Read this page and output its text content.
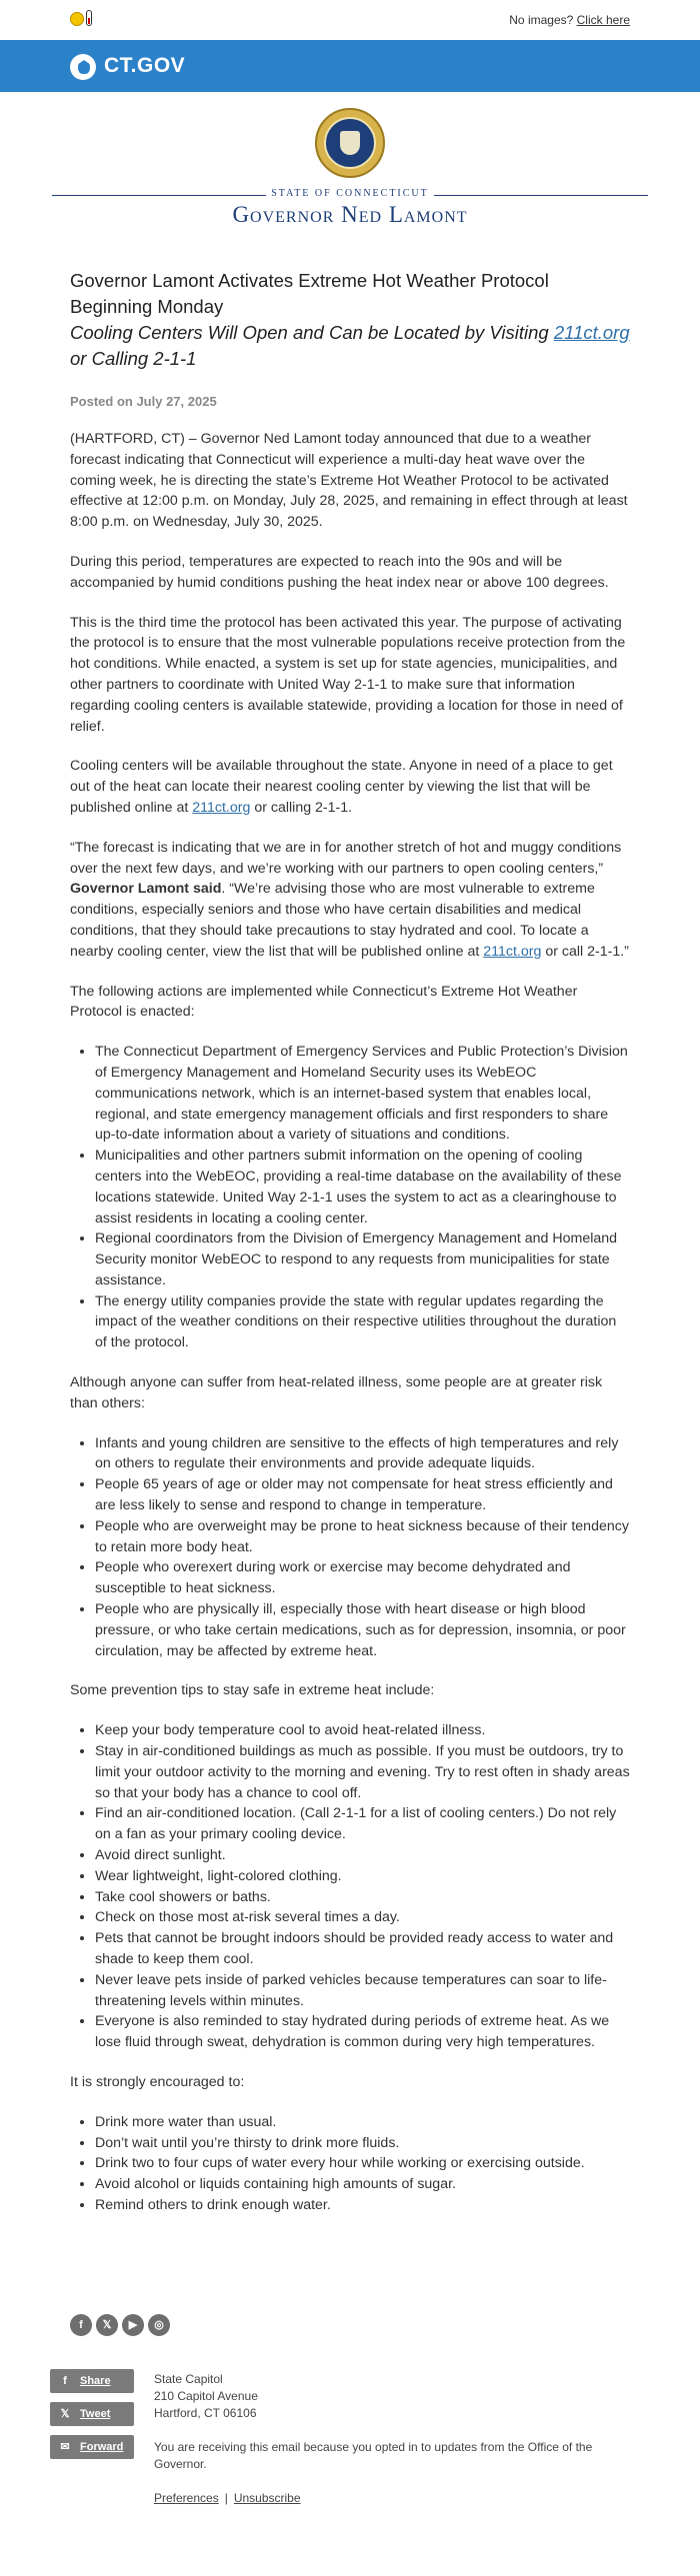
No images? Click here
CT.GOV
STATE OF CONNECTICUT
Governor Ned Lamont
Governor Lamont Activates Extreme Hot Weather Protocol Beginning Monday
Cooling Centers Will Open and Can be Located by Visiting 211ct.org or Calling 2-1-1
Posted on July 27, 2025

(HARTFORD, CT) – Governor Ned Lamont today announced that due to a weather forecast indicating that Connecticut will experience a multi-day heat wave over the coming week, he is directing the state’s Extreme Hot Weather Protocol to be activated effective at 12:00 p.m. on Monday, July 28, 2025, and remaining in effect through at least 8:00 p.m. on Wednesday, July 30, 2025.

During this period, temperatures are expected to reach into the 90s and will be accompanied by humid conditions pushing the heat index near or above 100 degrees.

This is the third time the protocol has been activated this year. The purpose of activating the protocol is to ensure that the most vulnerable populations receive protection from the hot conditions. While enacted, a system is set up for state agencies, municipalities, and other partners to coordinate with United Way 2-1-1 to make sure that information regarding cooling centers is available statewide, providing a location for those in need of relief.

Cooling centers will be available throughout the state. Anyone in need of a place to get out of the heat can locate their nearest cooling center by viewing the list that will be published online at 211ct.org or calling 2-1-1.

“The forecast is indicating that we are in for another stretch of hot and muggy conditions over the next few days, and we’re working with our partners to open cooling centers,” Governor Lamont said. “We’re advising those who are most vulnerable to extreme conditions, especially seniors and those who have certain disabilities and medical conditions, that they should take precautions to stay hydrated and cool. To locate a nearby cooling center, view the list that will be published online at 211ct.org or call 2-1-1.”

The following actions are implemented while Connecticut’s Extreme Hot Weather Protocol is enacted:

• The Connecticut Department of Emergency Services and Public Protection’s Division of Emergency Management and Homeland Security uses its WebEOC communications network, which is an internet-based system that enables local, regional, and state emergency management officials and first responders to share up-to-date information about a variety of situations and conditions.
• Municipalities and other partners submit information on the opening of cooling centers into the WebEOC, providing a real-time database on the availability of these locations statewide. United Way 2-1-1 uses the system to act as a clearinghouse to assist residents in locating a cooling center.
• Regional coordinators from the Division of Emergency Management and Homeland Security monitor WebEOC to respond to any requests from municipalities for state assistance.
• The energy utility companies provide the state with regular updates regarding the impact of the weather conditions on their respective utilities throughout the duration of the protocol.

Although anyone can suffer from heat-related illness, some people are at greater risk than others:

• Infants and young children are sensitive to the effects of high temperatures and rely on others to regulate their environments and provide adequate liquids.
• People 65 years of age or older may not compensate for heat stress efficiently and are less likely to sense and respond to change in temperature.
• People who are overweight may be prone to heat sickness because of their tendency to retain more body heat.
• People who overexert during work or exercise may become dehydrated and susceptible to heat sickness.
• People who are physically ill, especially those with heart disease or high blood pressure, or who take certain medications, such as for depression, insomnia, or poor circulation, may be affected by extreme heat.

Some prevention tips to stay safe in extreme heat include:

• Keep your body temperature cool to avoid heat-related illness.
• Stay in air-conditioned buildings as much as possible. If you must be outdoors, try to limit your outdoor activity to the morning and evening. Try to rest often in shady areas so that your body has a chance to cool off.
• Find an air-conditioned location. (Call 2-1-1 for a list of cooling centers.) Do not rely on a fan as your primary cooling device.
• Avoid direct sunlight.
• Wear lightweight, light-colored clothing.
• Take cool showers or baths.
• Check on those most at-risk several times a day.
• Pets that cannot be brought indoors should be provided ready access to water and shade to keep them cool.
• Never leave pets inside of parked vehicles because temperatures can soar to life-threatening levels within minutes.
• Everyone is also reminded to stay hydrated during periods of extreme heat. As we lose fluid through sweat, dehydration is common during very high temperatures.

It is strongly encouraged to:

• Drink more water than usual.
• Don’t wait until you’re thirsty to drink more fluids.
• Drink two to four cups of water every hour while working or exercising outside.
• Avoid alcohol or liquids containing high amounts of sugar.
• Remind others to drink enough water.
f 𝕏 ▶ ◎
f Share
𝕏 Tweet
✉ Forward
State Capitol
210 Capitol Avenue
Hartford, CT 06106
You are receiving this email because you opted in to updates from the Office of the Governor.
Preferences | Unsubscribe
